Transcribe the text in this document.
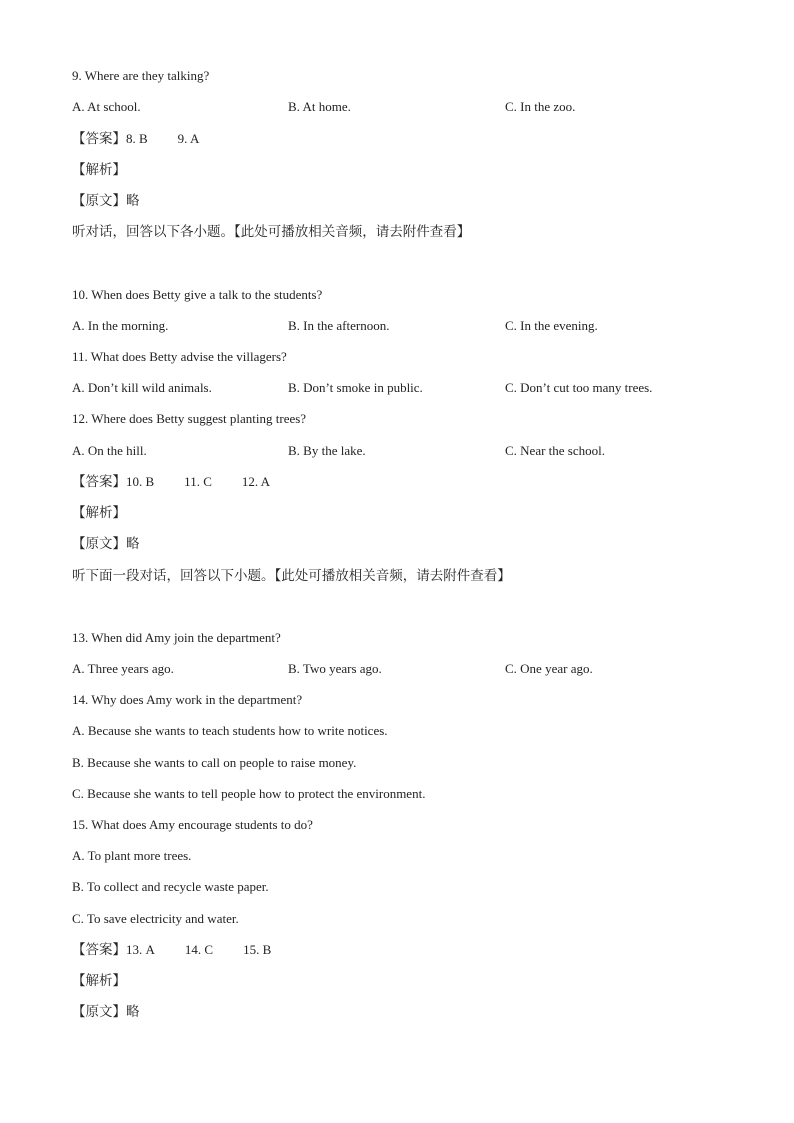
9. Where are they talking?
A. At school.	B. At home.	C. In the zoo.
【答案】8. B 9. A
【解析】
【原文】略
听对话，回答以下各小题。【此处可播放相关音频，请去附件查看】
10. When does Betty give a talk to the students?
A. In the morning.	B. In the afternoon.	C. In the evening.
11. What does Betty advise the villagers?
A. Don’t kill wild animals.	B. Don’t smoke in public.	C. Don’t cut too many trees.
12. Where does Betty suggest planting trees?
A. On the hill.	B. By the lake.	C. Near the school.
【答案】10. B 11. C 12. A
【解析】
【原文】略
听下面一段对话，回答以下小题。【此处可播放相关音频，请去附件查看】
13. When did Amy join the department?
A. Three years ago.	B. Two years ago.	C. One year ago.
14. Why does Amy work in the department?
A. Because she wants to teach students how to write notices.
B. Because she wants to call on people to raise money.
C. Because she wants to tell people how to protect the environment.
15. What does Amy encourage students to do?
A. To plant more trees.
B. To collect and recycle waste paper.
C. To save electricity and water.
【答案】13. A 14. C 15. B
【解析】
【原文】略
